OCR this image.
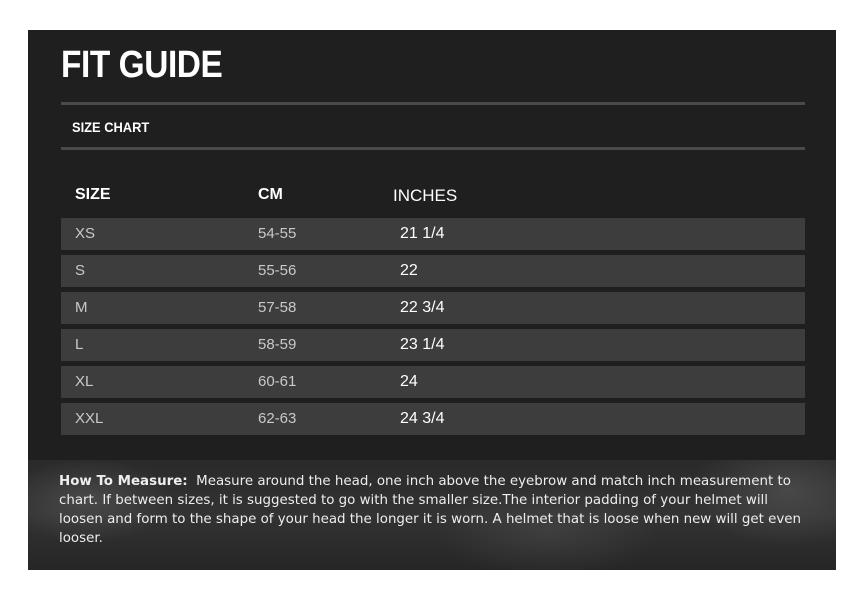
FIT GUIDE
SIZE CHART
SIZE	CM	INCHES
XS	54-55	21 1/4
S	55-56	22
M	57-58	22 3/4
L	58-59	23 1/4
XL	60-61	24
XXL	62-63	24 3/4
How To Measure: Measure around the head, one inch above the eyebrow and match inch measurement to chart. If between sizes, it is suggested to go with the smaller size.The interior padding of your helmet will loosen and form to the shape of your head the longer it is worn. A helmet that is loose when new will get even looser.
